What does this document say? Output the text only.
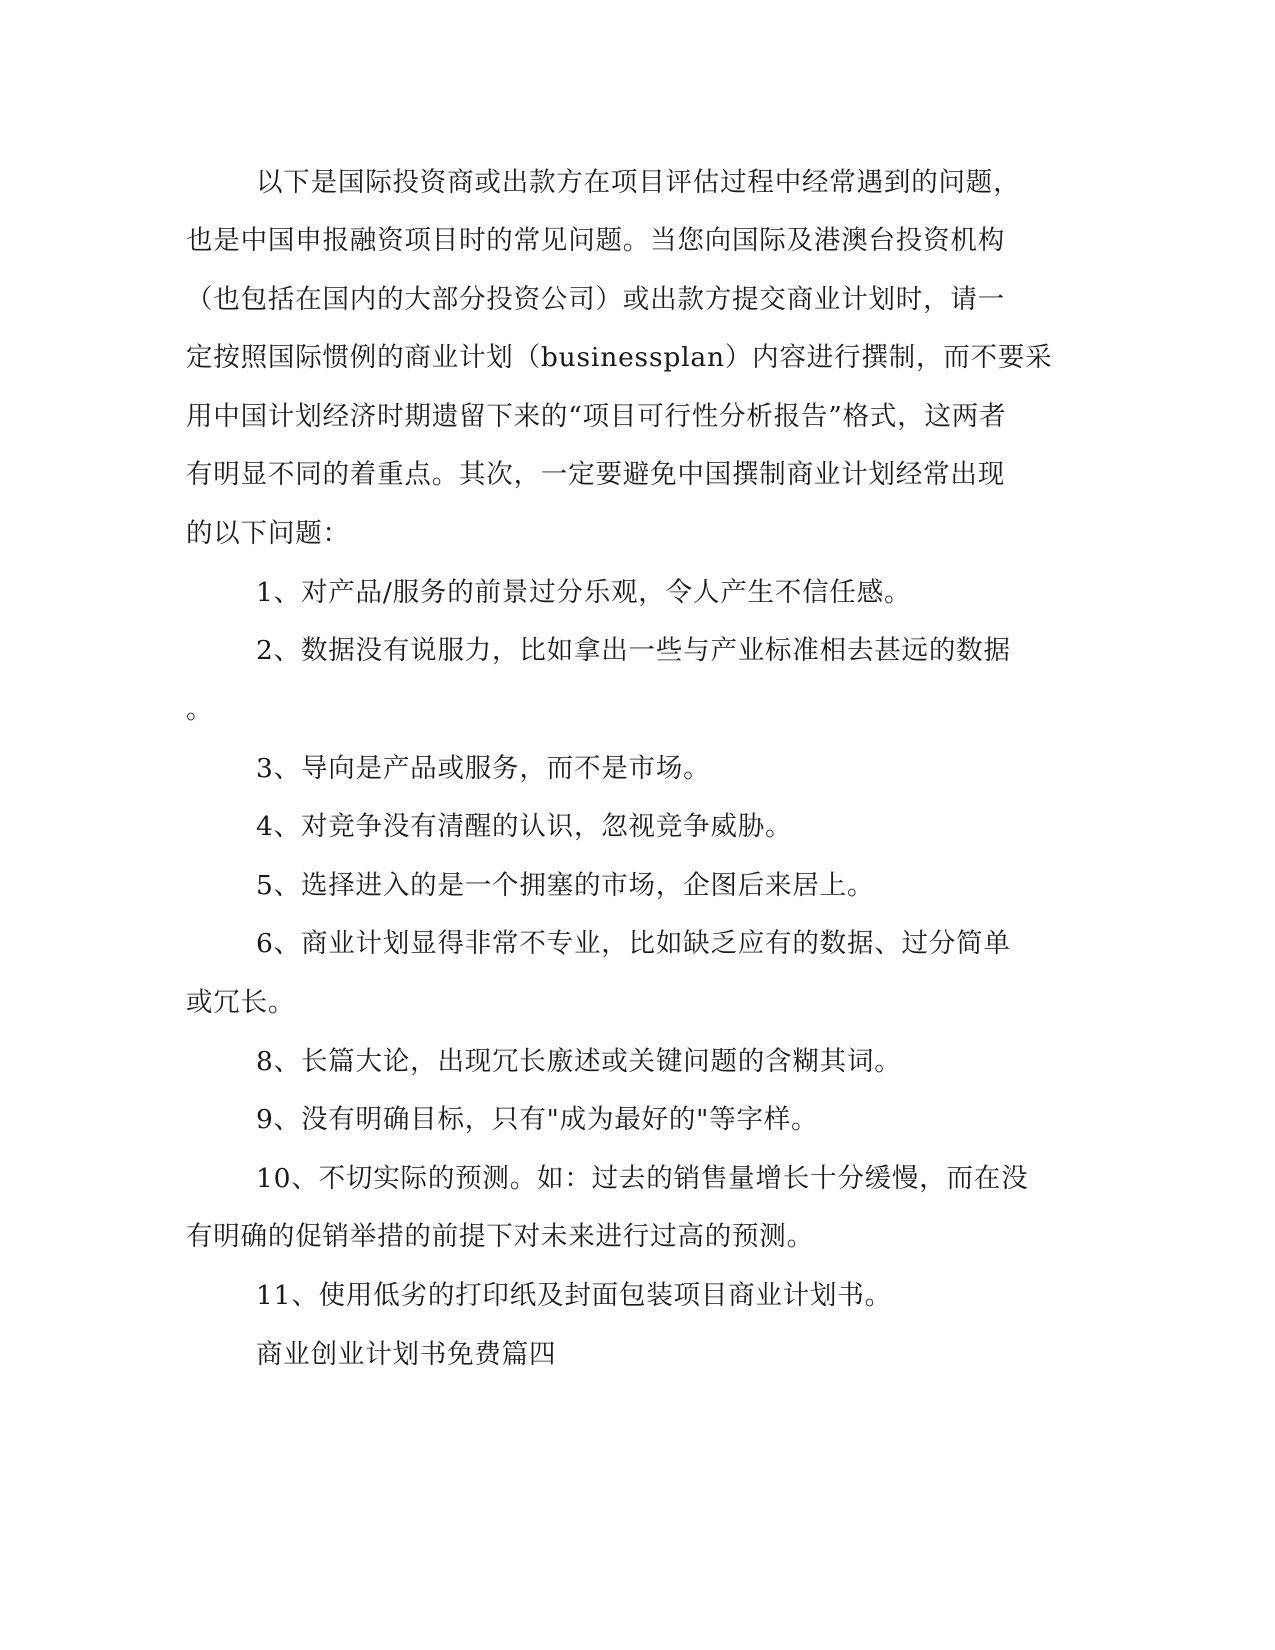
以下是国际投资商或出款方在项目评估过程中经常遇到的问题，
也是中国申报融资项目时的常见问题。当您向国际及港澳台投资机构
（也包括在国内的大部分投资公司）或出款方提交商业计划时，请一
定按照国际惯例的商业计划（businessplan）内容进行撰制，而不要采
用中国计划经济时期遗留下来的“项目可行性分析报告”格式，这两者
有明显不同的着重点。其次，一定要避免中国撰制商业计划经常出现
的以下问题：
1、对产品/服务的前景过分乐观，令人产生不信任感。
2、数据没有说服力，比如拿出一些与产业标准相去甚远的数据
。
3、导向是产品或服务，而不是市场。
4、对竞争没有清醒的认识，忽视竞争威胁。
5、选择进入的是一个拥塞的市场，企图后来居上。
6、商业计划显得非常不专业，比如缺乏应有的数据、过分简单
或冗长。
8、长篇大论，出现冗长廒述或关键问题的含糊其词。
9、没有明确目标，只有"成为最好的"等字样。
10、不切实际的预测。如：过去的销售量增长十分缓慢，而在没
有明确的促销举措的前提下对未来进行过高的预测。
11、使用低劣的打印纸及封面包装项目商业计划书。
商业创业计划书免费篇四
